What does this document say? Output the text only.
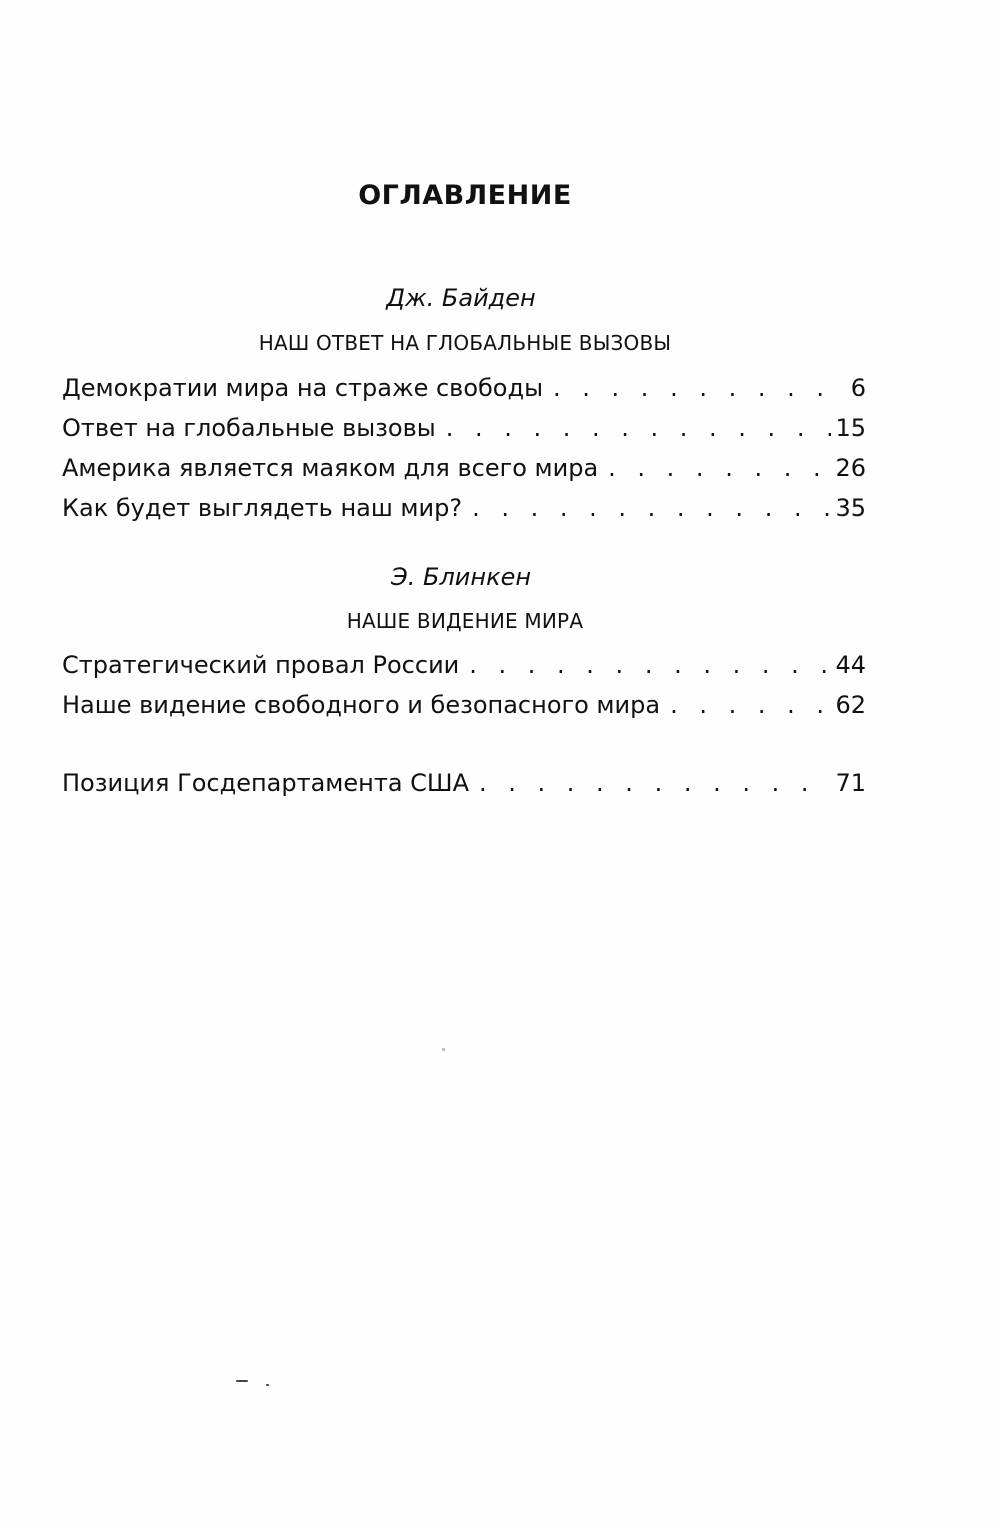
ОГЛАВЛЕНИЕ
Дж. Байден
НАШ ОТВЕТ НА ГЛОБАЛЬНЫЕ ВЫЗОВЫ
Демократии мира на страже свободы . . .	6
Ответ на глобальные вызовы . . .	15
Америка является маяком для всего мира . . .	26
Как будет выглядеть наш мир? . . .	35
Э. Блинкен
НАШЕ ВИДЕНИЕ МИРА
Стратегический провал России . . .	44
Наше видение свободного и безопасного мира . . .	62
Позиция Госдепартамента США . . .	71
